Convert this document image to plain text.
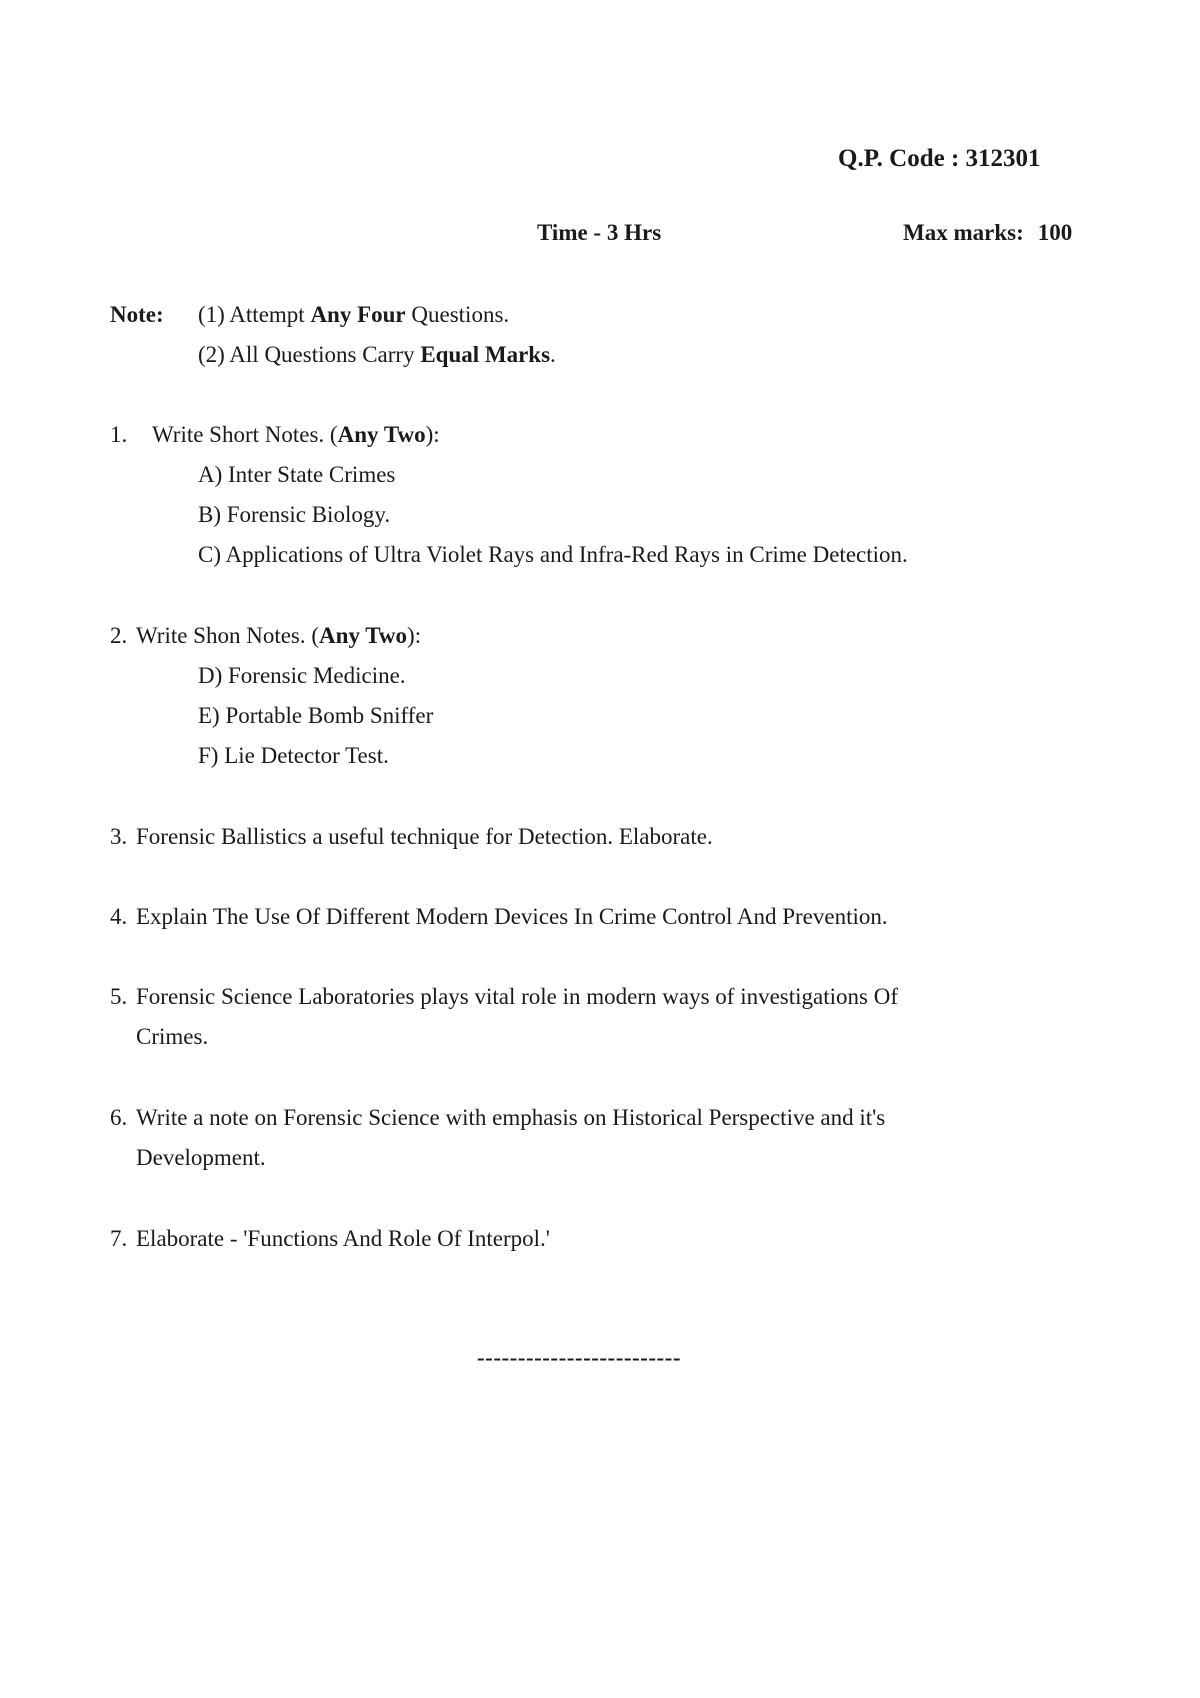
Q.P. Code : 312301
Time - 3 Hrs	Max marks: 100
Note: (1) Attempt Any Four Questions.
(2) All Questions Carry Equal Marks.
1. Write Short Notes. (Any Two):
A) Inter State Crimes
B) Forensic Biology.
C) Applications of Ultra Violet Rays and Infra-Red Rays in Crime Detection.
2. Write Shon Notes. (Any Two):
D) Forensic Medicine.
E) Portable Bomb Sniffer
F) Lie Detector Test.
3. Forensic Ballistics a useful technique for Detection. Elaborate.
4. Explain The Use Of Different Modern Devices In Crime Control And Prevention.
5. Forensic Science Laboratories plays vital role in modern ways of investigations Of
Crimes.
6. Write a note on Forensic Science with emphasis on Historical Perspective and it's
Development.
7. Elaborate - 'Functions And Role Of Interpol.'
-------------------------
